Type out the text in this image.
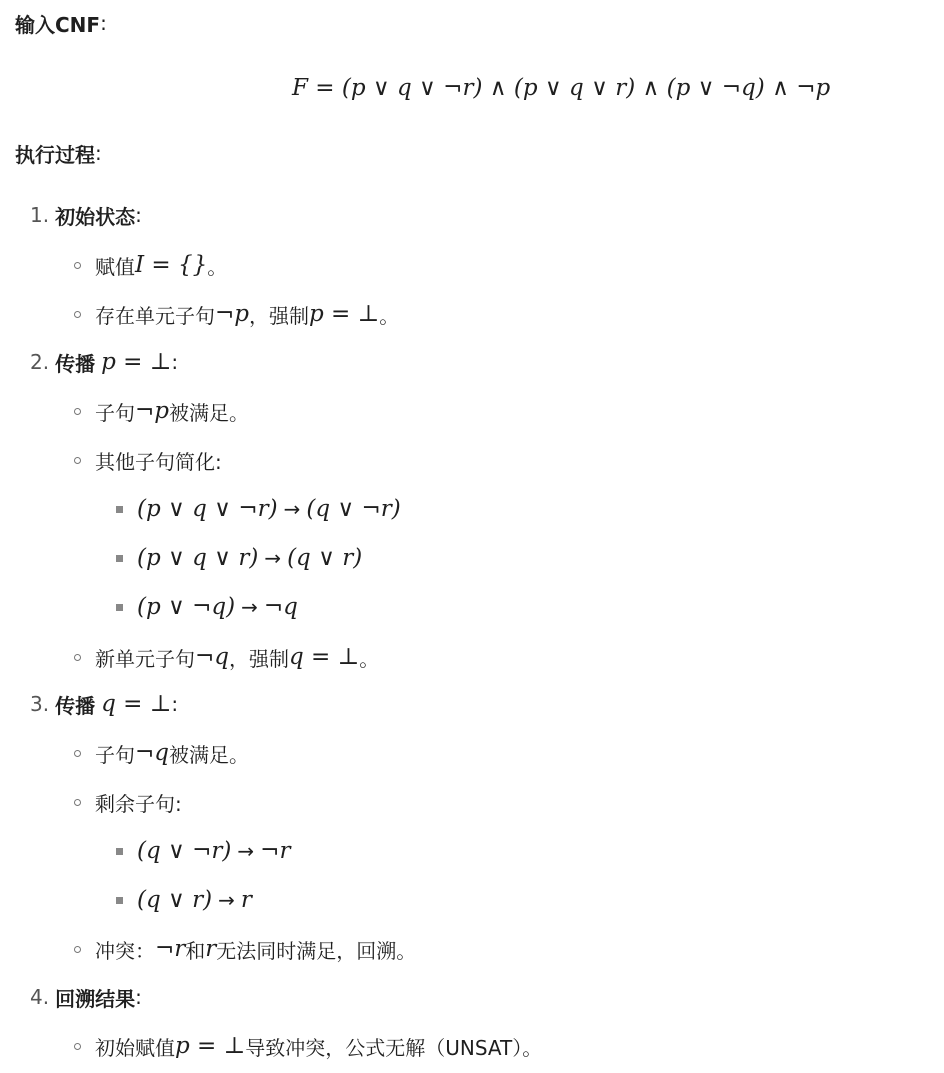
输入CNF :
F = (p ∨ q ∨ ¬r) ∧ (p ∨ q ∨ r) ∧ (p ∨ ¬q) ∧ ¬p
执行过程 :
1. 初始状态 :
赋值 I = {} 。
存在单元子句 ¬p ，强制 p = ⊥ 。
2. 传播 p = ⊥ :
子句 ¬p 被满足。
其他子句简化:
(p ∨ q ∨ ¬r) → (q ∨ ¬r)
(p ∨ q ∨ r) → (q ∨ r)
(p ∨ ¬q) → ¬q
新单元子句 ¬q ，强制 q = ⊥ 。
3. 传播 q = ⊥ :
子句 ¬q 被满足。
剩余子句:
(q ∨ ¬r) → ¬r
(q ∨ r) → r
冲突： ¬r 和 r 无法同时满足，回溯。
4. 回溯结果 :
初始赋值 p = ⊥ 导致冲突，公式无解（UNSAT）。
